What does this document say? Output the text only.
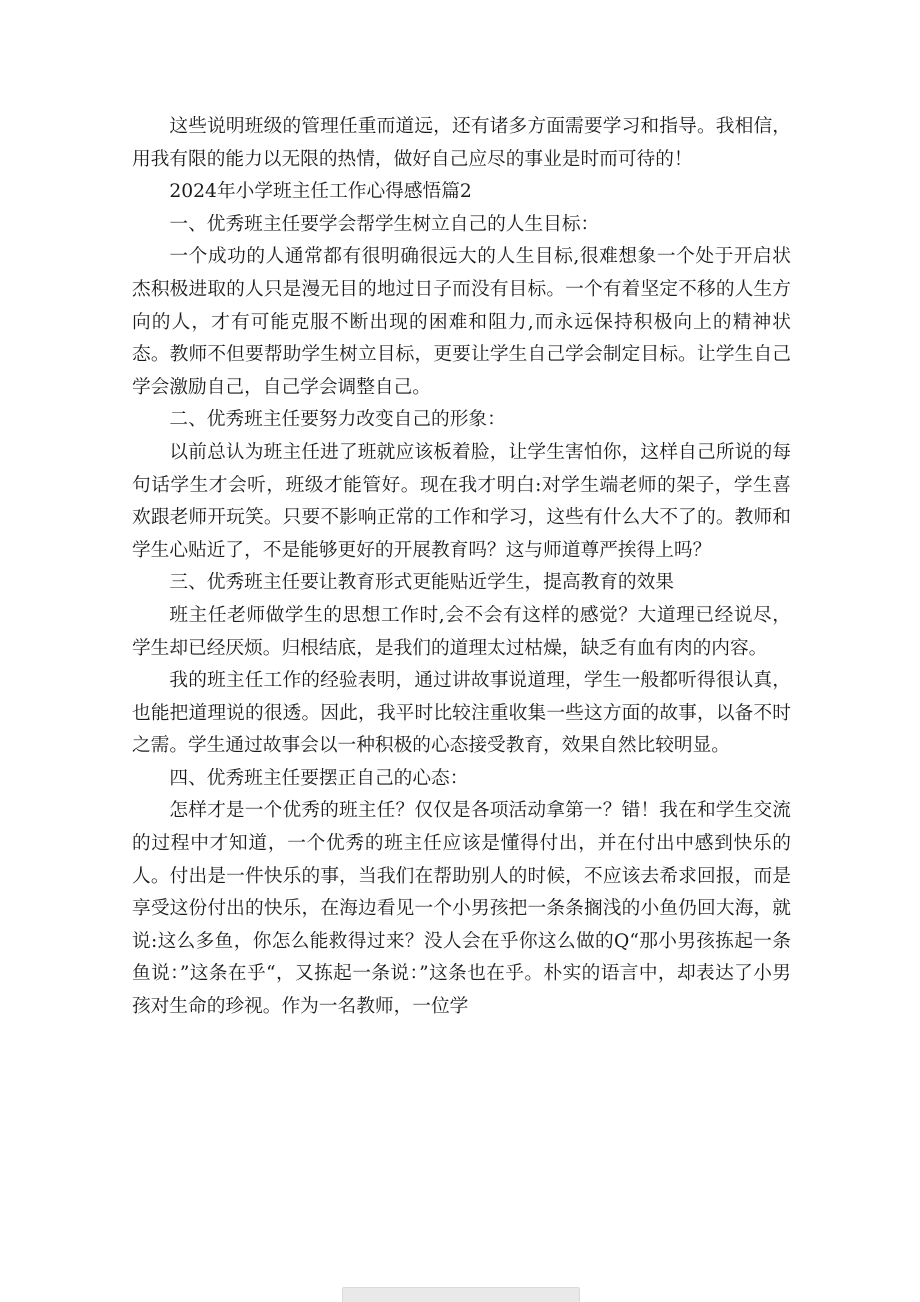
这些说明班级的管理任重而道远，还有诸多方面需要学习和指导。我相信，用我有限的能力以无限的热情，做好自己应尽的事业是时而可待的！

2024年小学班主任工作心得感悟篇2

一、优秀班主任要学会帮学生树立自己的人生目标：

一个成功的人通常都有很明确很远大的人生目标,很难想象一个处于开启状杰积极进取的人只是漫无目的地过日子而没有目标。一个有着坚定不移的人生方向的人，才有可能克服不断出现的困难和阻力,而永远保持积极向上的精神状态。教师不但要帮助学生树立目标，更要让学生自己学会制定目标。让学生自己学会激励自己，自己学会调整自己。

二、优秀班主任要努力改变自己的形象：

以前总认为班主任进了班就应该板着脸，让学生害怕你，这样自己所说的每句话学生才会听，班级才能管好。现在我才明白:对学生端老师的架子，学生喜欢跟老师开玩笑。只要不影响正常的工作和学习，这些有什么大不了的。教师和学生心贴近了，不是能够更好的开展教育吗？这与师道尊严挨得上吗？

三、优秀班主任要让教育形式更能贴近学生，提高教育的效果

班主任老师做学生的思想工作时,会不会有这样的感觉？大道理已经说尽，学生却已经厌烦。归根结底，是我们的道理太过枯燥，缺乏有血有肉的内容。

我的班主任工作的经验表明，通过讲故事说道理，学生一般都听得很认真，也能把道理说的很透。因此，我平时比较注重收集一些这方面的故事，以备不时之需。学生通过故事会以一种积极的心态接受教育，效果自然比较明显。

四、优秀班主任要摆正自己的心态：

怎样才是一个优秀的班主任？仅仅是各项活动拿第一？错！我在和学生交流的过程中才知道，一个优秀的班主任应该是懂得付出，并在付出中感到快乐的人。付出是一件快乐的事，当我们在帮助别人的时候，不应该去希求回报，而是享受这份付出的快乐，在海边看见一个小男孩把一条条搁浅的小鱼仍回大海，就说:这么多鱼，你怎么能救得过来？没人会在乎你这么做的Q“那小男孩拣起一条鱼说：”这条在乎“，又拣起一条说：”这条也在乎。朴实的语言中，却表达了小男孩对生命的珍视。作为一名教师，一位学
